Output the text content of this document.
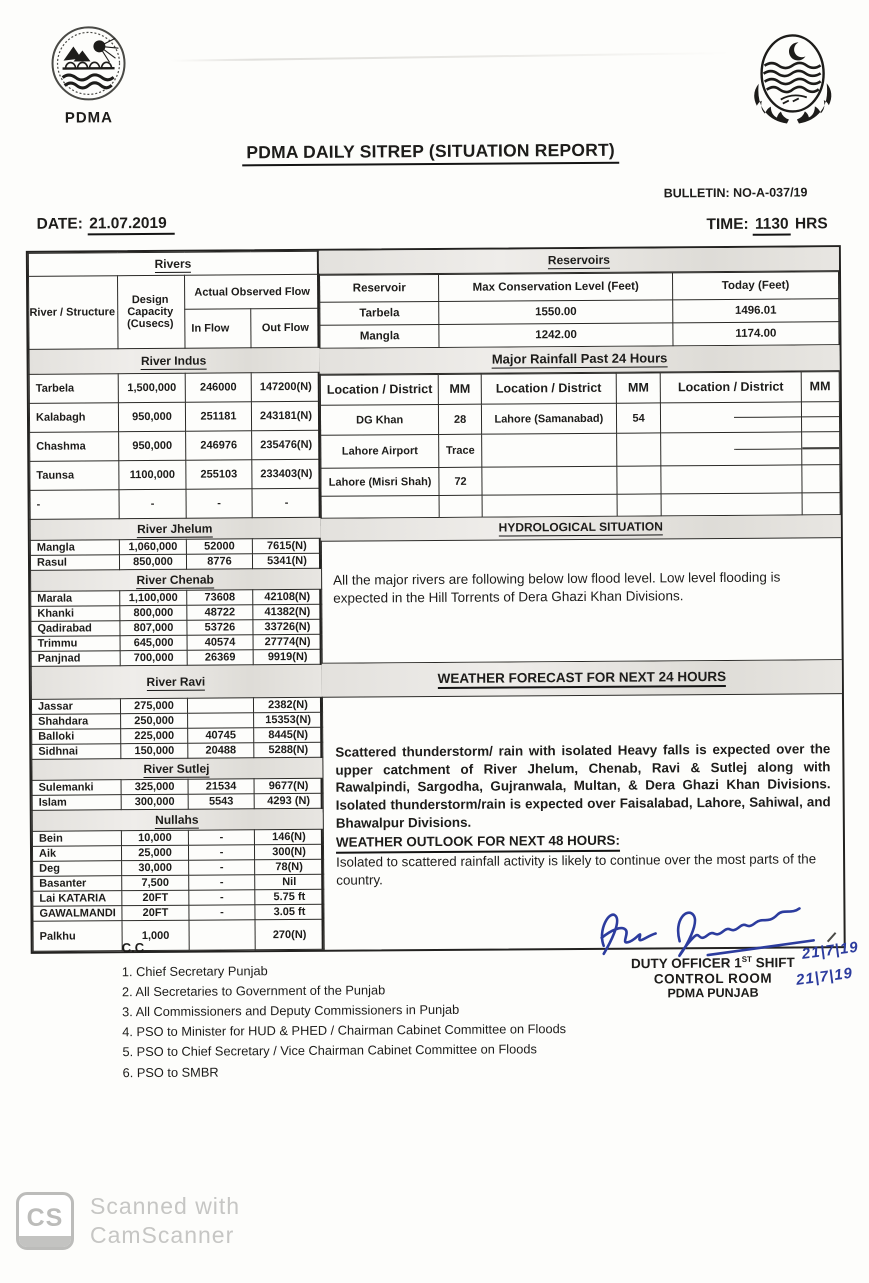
PDMA
PDMA DAILY SITREP (SITUATION REPORT)
BULLETIN: NO-A-037/19
DATE: 21.07.2019	TIME: 1130 HRS
Rivers			
River / Structure	Design Capacity (Cusecs)	Actual Observed Flow	
		In Flow	Out Flow
River Indus			
Tarbela	1,500,000	246000	147200(N)
Kalabagh	950,000	251181	243181(N)
Chashma	950,000	246976	235476(N)
Taunsa	1100,000	255103	233403(N)
-	-	-	-
River Jhelum			
Mangla	1,060,000	52000	7615(N)
Rasul	850,000	8776	5341(N)
River Chenab			
Marala	1,100,000	73608	42108(N)
Khanki	800,000	48722	41382(N)
Qadirabad	807,000	53726	33726(N)
Trimmu	645,000	40574	27774(N)
Panjnad	700,000	26369	9919(N)
River Ravi			
Jassar	275,000		2382(N)
Shahdara	250,000		15353(N)
Balloki	225,000	40745	8445(N)
Sidhnai	150,000	20488	5288(N)
River Sutlej			
Sulemanki	325,000	21534	9677(N)
Islam	300,000	5543	4293 (N)
Nullahs			
Bein	10,000	-	146(N)
Aik	25,000	-	300(N)
Deg	30,000	-	78(N)
Basanter	7,500	-	Nil
Lai KATARIA	20FT	-	5.75 ft
GAWALMANDI	20FT	-	3.05 ft
Palkhu	1,000		270(N)
Reservoirs
Reservoir	Max Conservation Level (Feet)	Today (Feet)
Tarbela	1550.00	1496.01
Mangla	1242.00	1174.00
Major Rainfall Past 24 Hours
Location / District	MM	Location / District	MM	Location / District	MM
DG Khan	28	Lahore (Samanabad)	54	

Lahore Airport	Trace			

Lahore (Misri Shah)	72				

HYDROLOGICAL SITUATION
All the major rivers are following below low flood level. Low level flooding is expected in the Hill Torrents of Dera Ghazi Khan Divisions.
WEATHER FORECAST FOR NEXT 24 HOURS
Scattered thunderstorm/ rain with isolated Heavy falls is expected over the upper catchment of River Jhelum, Chenab, Ravi & Sutlej along with Rawalpindi, Sargodha, Gujranwala, Multan, & Dera Ghazi Khan Divisions. Isolated thunderstorm/rain is expected over Faisalabad, Lahore, Sahiwal, and Bhawalpur Divisions.
WEATHER OUTLOOK FOR NEXT 48 HOURS:
Isolated to scattered rainfall activity is likely to continue over the most parts of the country.
C.C
1. Chief Secretary Punjab
2. All Secretaries to Government of the Punjab
3. All Commissioners and Deputy Commissioners in Punjab
4. PSO to Minister for HUD & PHED / Chairman Cabinet Committee on Floods
5. PSO to Chief Secretary / Vice Chairman Cabinet Committee on Floods
6. PSO to SMBR
DUTY OFFICER 1ST SHIFT
CONTROL ROOM
PDMA PUNJAB
21|7|19
21|7|19
CS Scanned with
CamScanner
